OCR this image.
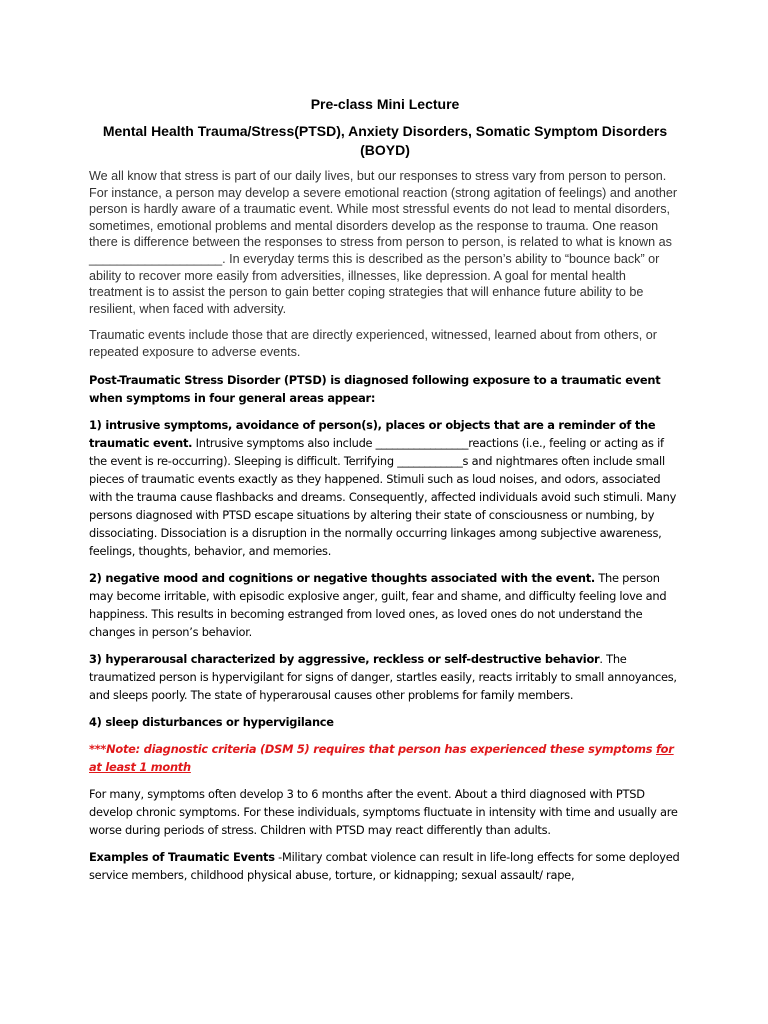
Pre-class Mini Lecture

Mental Health Trauma/Stress(PTSD), Anxiety Disorders, Somatic Symptom Disorders (BOYD)

We all know that stress is part of our daily lives, but our responses to stress vary from person to person. For instance, a person may develop a severe emotional reaction (strong agitation of feelings) and another person is hardly aware of a traumatic event. While most stressful events do not lead to mental disorders, sometimes, emotional problems and mental disorders develop as the response to trauma. One reason there is difference between the responses to stress from person to person, is related to what is known as ___________________. In everyday terms this is described as the person’s ability to “bounce back” or ability to recover more easily from adversities, illnesses, like depression. A goal for mental health treatment is to assist the person to gain better coping strategies that will enhance future ability to be resilient, when faced with adversity.

Traumatic events include those that are directly experienced, witnessed, learned about from others, or repeated exposure to adverse events.

Post-Traumatic Stress Disorder (PTSD) is diagnosed following exposure to a traumatic event when symptoms in four general areas appear:

1) intrusive symptoms, avoidance of person(s), places or objects that are a reminder of the traumatic event. Intrusive symptoms also include _________________reactions (i.e., feeling or acting as if the event is re-occurring). Sleeping is difficult. Terrifying ____________s and nightmares often include small pieces of traumatic events exactly as they happened. Stimuli such as loud noises, and odors, associated with the trauma cause flashbacks and dreams. Consequently, affected individuals avoid such stimuli. Many persons diagnosed with PTSD escape situations by altering their state of consciousness or numbing, by dissociating. Dissociation is a disruption in the normally occurring linkages among subjective awareness, feelings, thoughts, behavior, and memories.

2) negative mood and cognitions or negative thoughts associated with the event. The person may become irritable, with episodic explosive anger, guilt, fear and shame, and difficulty feeling love and happiness. This results in becoming estranged from loved ones, as loved ones do not understand the changes in person’s behavior.

3) hyperarousal characterized by aggressive, reckless or self-destructive behavior. The traumatized person is hypervigilant for signs of danger, startles easily, reacts irritably to small annoyances, and sleeps poorly. The state of hyperarousal causes other problems for family members.

4) sleep disturbances or hypervigilance

***Note: diagnostic criteria (DSM 5) requires that person has experienced these symptoms for at least 1 month

For many, symptoms often develop 3 to 6 months after the event. About a third diagnosed with PTSD develop chronic symptoms. For these individuals, symptoms fluctuate in intensity with time and usually are worse during periods of stress. Children with PTSD may react differently than adults.

Examples of Traumatic Events -Military combat violence can result in life-long effects for some deployed service members, childhood physical abuse, torture, or kidnapping; sexual assault/ rape,
